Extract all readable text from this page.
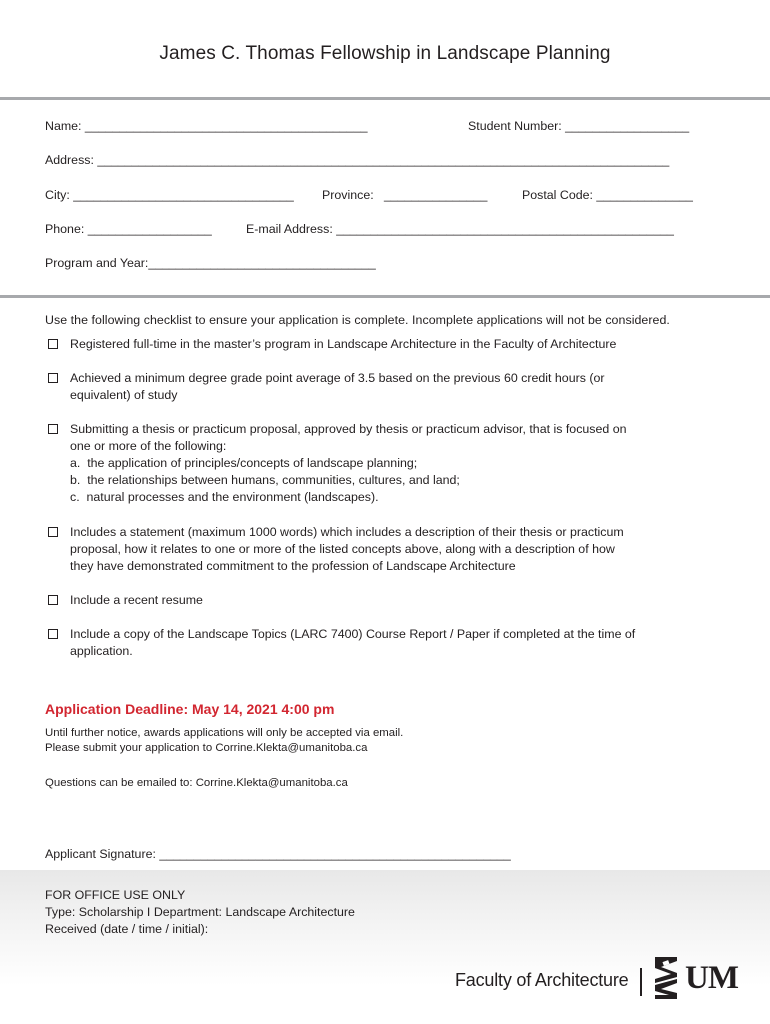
James C. Thomas Fellowship in Landscape Planning
Name: _________________________________________	Student Number: __________________
Address: ___________________________________________________________________________________
City: ________________________________ Province:   _______________	Postal Code: ______________
Phone: __________________	E-mail Address: _________________________________________________
Program and Year:_________________________________
Use the following checklist to ensure your application is complete. Incomplete applications will not be considered.
Registered full-time in the master’s program in Landscape Architecture in the Faculty of Architecture
Achieved a minimum degree grade point average of 3.5 based on the previous 60 credit hours (or
equivalent) of study
Submitting a thesis or practicum proposal, approved by thesis or practicum advisor, that is focused on
one or more of the following:
a.  the application of principles/concepts of landscape planning;
b.  the relationships between humans, communities, cultures, and land;
c.  natural processes and the environment (landscapes).
Includes a statement (maximum 1000 words) which includes a description of their thesis or practicum
proposal, how it relates to one or more of the listed concepts above, along with a description of how
they have demonstrated commitment to the profession of Landscape Architecture
Include a recent resume
Include a copy of the Landscape Topics (LARC 7400) Course Report / Paper if completed at the time of
application.
Application Deadline: May 14, 2021 4:00 pm
Until further notice, awards applications will only be accepted via email.
Please submit your application to Corrine.Klekta@umanitoba.ca
Questions can be emailed to: Corrine.Klekta@umanitoba.ca
Applicant Signature: ___________________________________________________
FOR OFFICE USE ONLY
Type: Scholarship I Department: Landscape Architecture
Received (date / time / initial):
Faculty of Architecture UM
